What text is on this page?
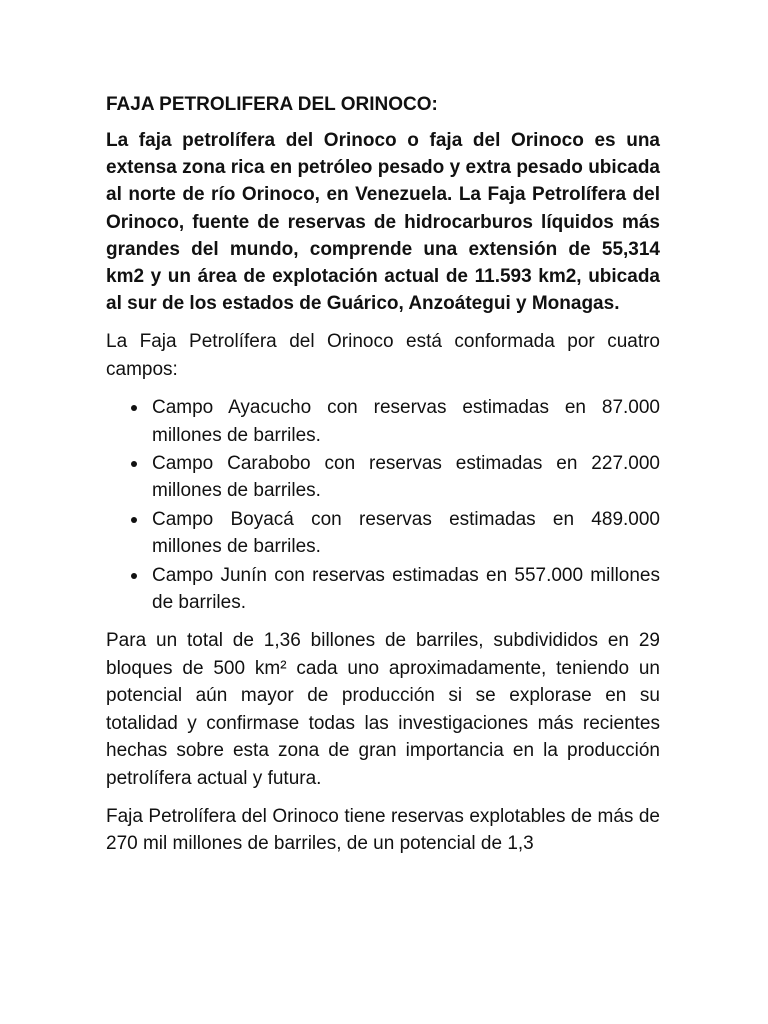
FAJA PETROLIFERA DEL ORINOCO:

La faja petrolífera del Orinoco o faja del Orinoco es una extensa zona rica en petróleo pesado y extra pesado ubicada al norte de río Orinoco, en Venezuela. La Faja Petrolífera del Orinoco, fuente de reservas de hidrocarburos líquidos más grandes del mundo, comprende una extensión de 55,314 km2 y un área de explotación actual de 11.593 km2, ubicada al sur de los estados de Guárico, Anzoátegui y Monagas.

La Faja Petrolífera del Orinoco está conformada por cuatro campos:

Campo Ayacucho con reservas estimadas en 87.000 millones de barriles.
Campo Carabobo con reservas estimadas en 227.000 millones de barriles.
Campo Boyacá con reservas estimadas en 489.000 millones de barriles.
Campo Junín con reservas estimadas en 557.000 millones de barriles.

Para un total de 1,36 billones de barriles, subdivididos en 29 bloques de 500 km² cada uno aproximadamente, teniendo un potencial aún mayor de producción si se explorase en su totalidad y confirmase todas las investigaciones más recientes hechas sobre esta zona de gran importancia en la producción petrolífera actual y futura.

Faja Petrolífera del Orinoco tiene reservas explotables de más de 270 mil millones de barriles, de un potencial de 1,3
